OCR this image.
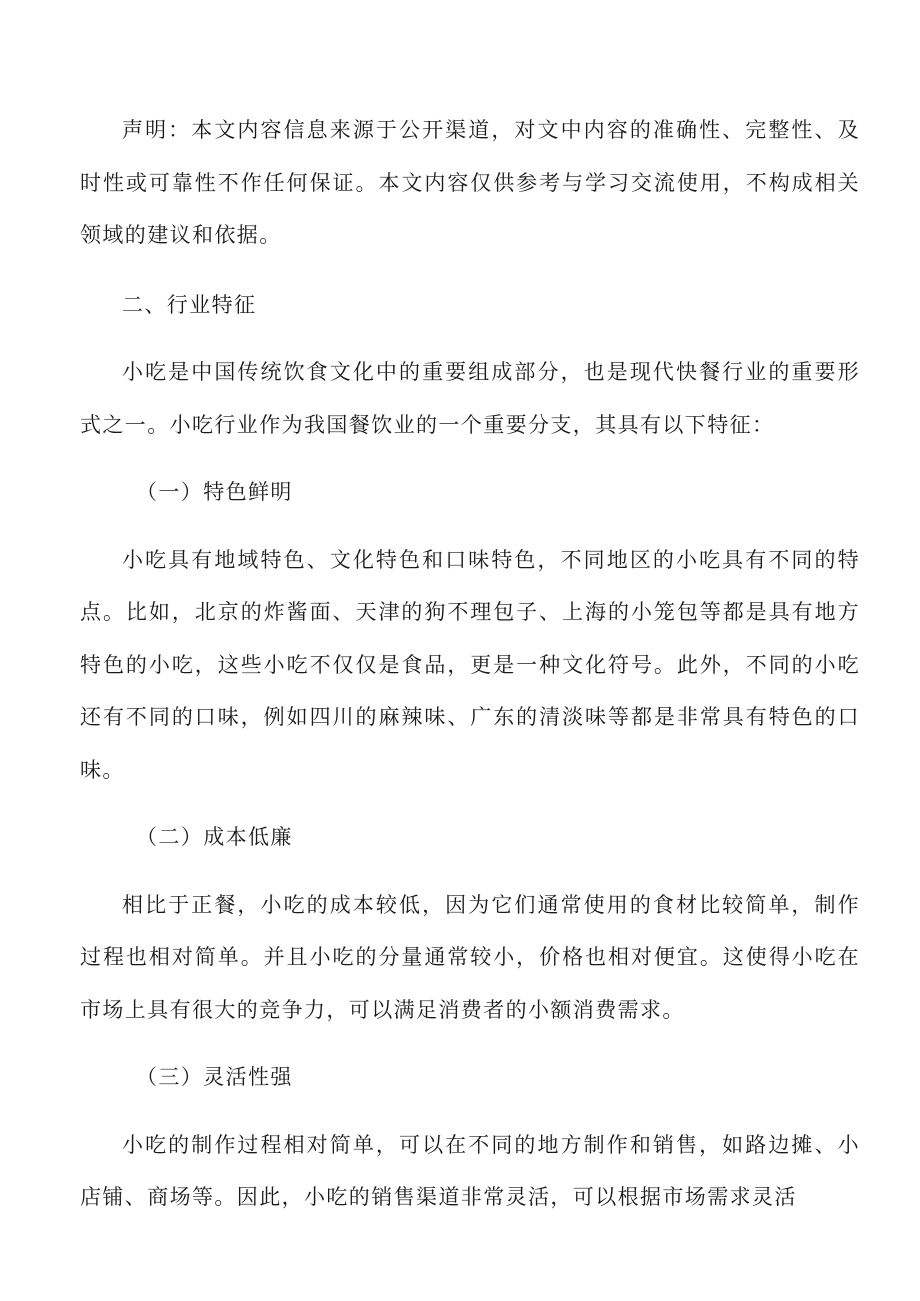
声明：本文内容信息来源于公开渠道，对文中内容的准确性、完整性、及时性或可靠性不作任何保证。本文内容仅供参考与学习交流使用，不构成相关领域的建议和依据。

二、行业特征

小吃是中国传统饮食文化中的重要组成部分，也是现代快餐行业的重要形式之一。小吃行业作为我国餐饮业的一个重要分支，其具有以下特征：

（一）特色鲜明

小吃具有地域特色、文化特色和口味特色，不同地区的小吃具有不同的特点。比如，北京的炸酱面、天津的狗不理包子、上海的小笼包等都是具有地方特色的小吃，这些小吃不仅仅是食品，更是一种文化符号。此外，不同的小吃还有不同的口味，例如四川的麻辣味、广东的清淡味等都是非常具有特色的口味。

（二）成本低廉

相比于正餐，小吃的成本较低，因为它们通常使用的食材比较简单，制作过程也相对简单。并且小吃的分量通常较小，价格也相对便宜。这使得小吃在市场上具有很大的竞争力，可以满足消费者的小额消费需求。

（三）灵活性强

小吃的制作过程相对简单，可以在不同的地方制作和销售，如路边摊、小店铺、商场等。因此，小吃的销售渠道非常灵活，可以根据市场需求灵活
